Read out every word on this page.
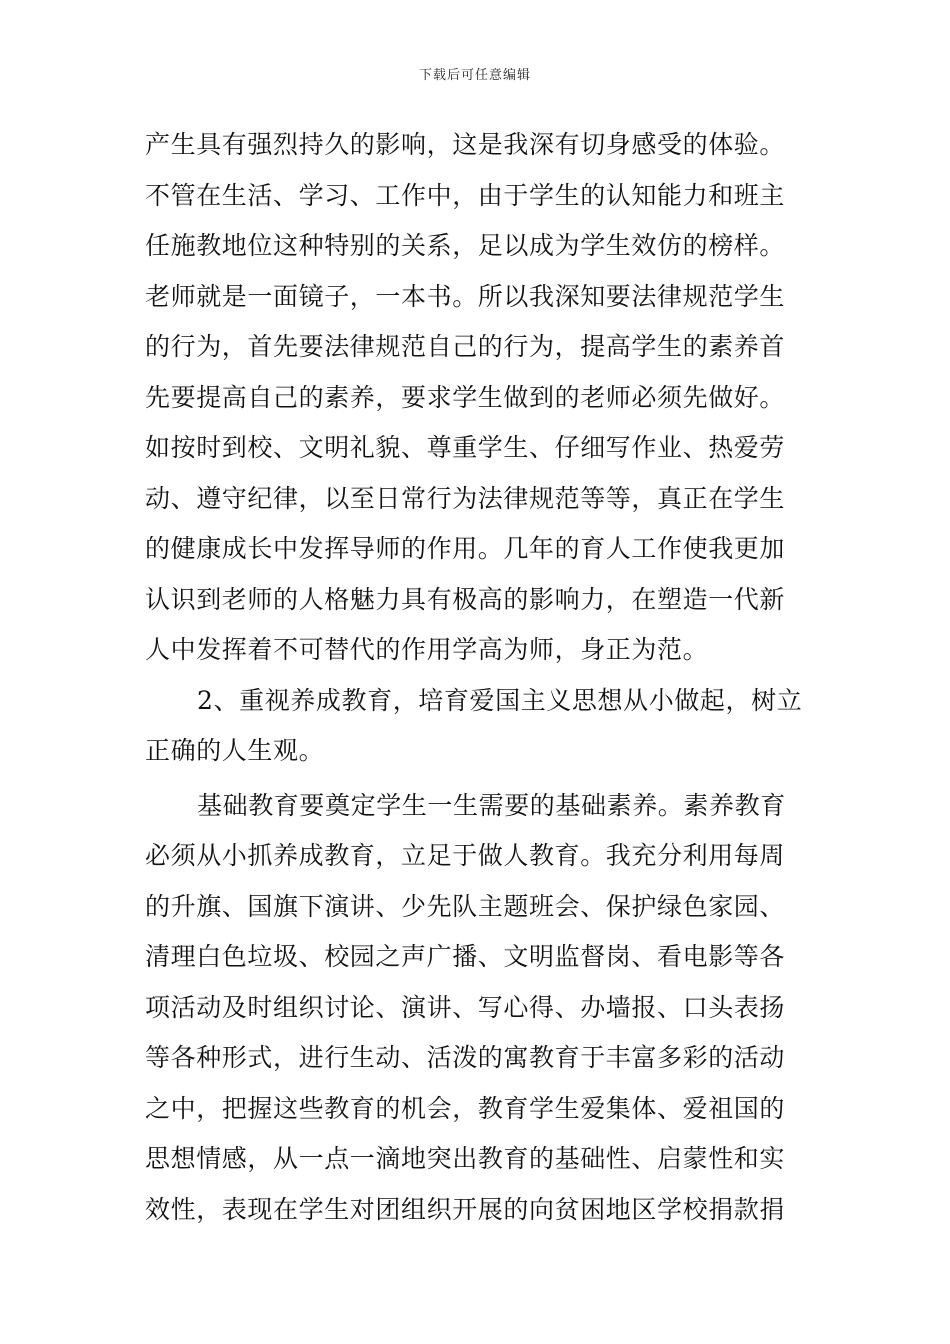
下载后可任意编辑
产生具有强烈持久的影响，这是我深有切身感受的体验。
不管在生活、学习、工作中，由于学生的认知能力和班主
任施教地位这种特别的关系，足以成为学生效仿的榜样。
老师就是一面镜子，一本书。所以我深知要法律规范学生
的行为，首先要法律规范自己的行为，提高学生的素养首
先要提高自己的素养，要求学生做到的老师必须先做好。
如按时到校、文明礼貌、尊重学生、仔细写作业、热爱劳
动、遵守纪律，以至日常行为法律规范等等，真正在学生
的健康成长中发挥导师的作用。几年的育人工作使我更加
认识到老师的人格魅力具有极高的影响力，在塑造一代新
人中发挥着不可替代的作用学高为师，身正为范。
2、重视养成教育，培育爱国主义思想从小做起，树立
正确的人生观。
基础教育要奠定学生一生需要的基础素养。素养教育
必须从小抓养成教育，立足于做人教育。我充分利用每周
的升旗、国旗下演讲、少先队主题班会、保护绿色家园、
清理白色垃圾、校园之声广播、文明监督岗、看电影等各
项活动及时组织讨论、演讲、写心得、办墙报、口头表扬
等各种形式，进行生动、活泼的寓教育于丰富多彩的活动
之中，把握这些教育的机会，教育学生爱集体、爱祖国的
思想情感，从一点一滴地突出教育的基础性、启蒙性和实
效性，表现在学生对团组织开展的向贫困地区学校捐款捐
